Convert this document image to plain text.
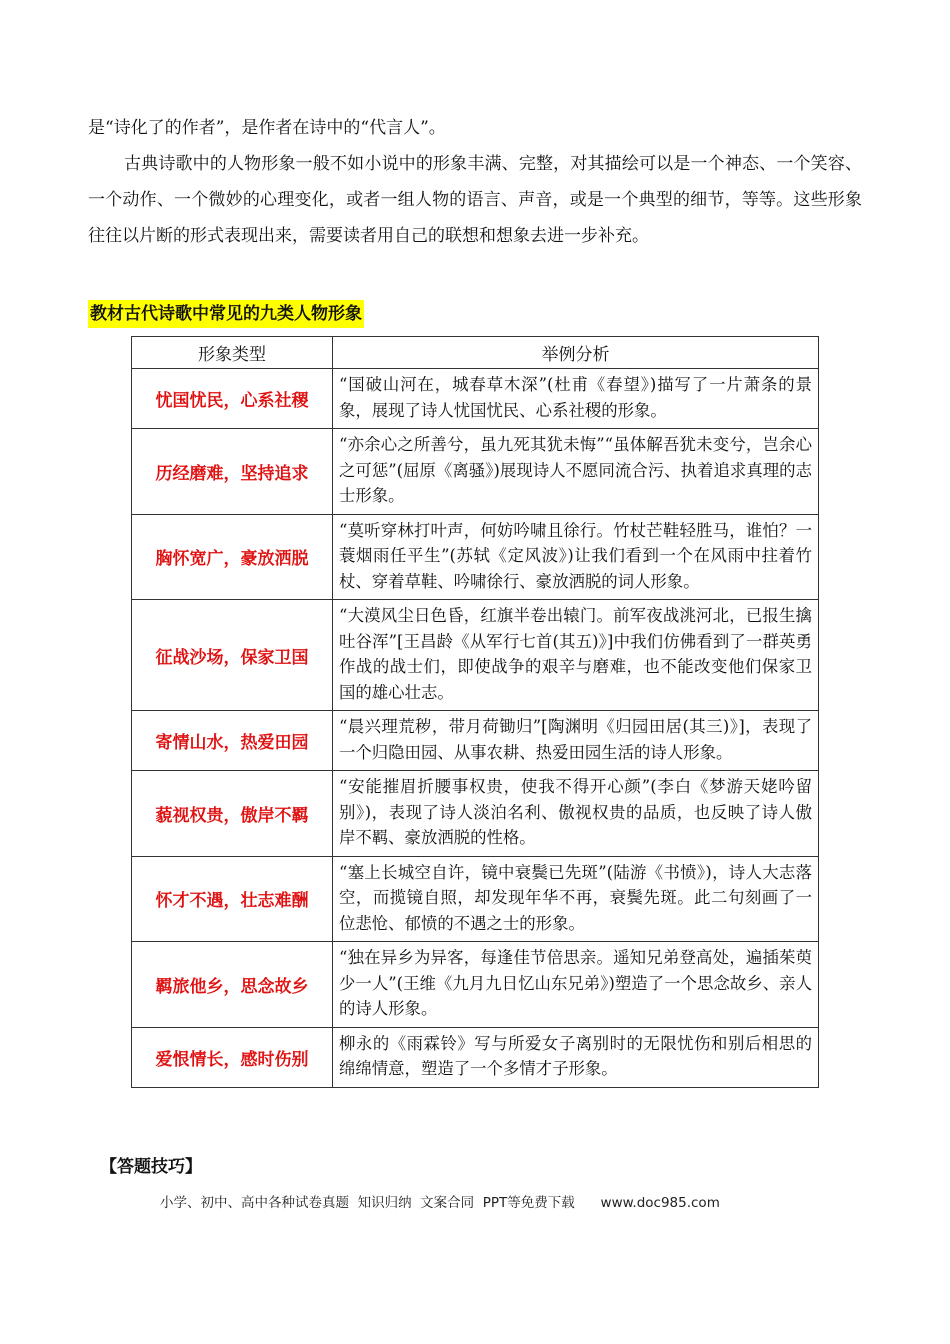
是“诗化了的作者”，是作者在诗中的“代言人”。

古典诗歌中的人物形象一般不如小说中的形象丰满、完整，对其描绘可以是一个神态、一个笑容、一个动作、一个微妙的心理变化，或者一组人物的语言、声音，或是一个典型的细节，等等。这些形象往往以片断的形式表现出来，需要读者用自己的联想和想象去进一步补充。

教材古代诗歌中常见的九类人物形象
形象类型	举例分析
忧国忧民，心系社稷	“国破山河在，城春草木深”(杜甫《春望》)描写了一片萧条的景象，展现了诗人忧国忧民、心系社稷的形象。
历经磨难，坚持追求	“亦余心之所善兮，虽九死其犹未悔”“虽体解吾犹未变兮，岂余心之可惩”(屈原《离骚》)展现诗人不愿同流合污、执着追求真理的志士形象。
胸怀宽广，豪放洒脱	“莫听穿林打叶声，何妨吟啸且徐行。竹杖芒鞋轻胜马，谁怕？一蓑烟雨任平生”(苏轼《定风波》)让我们看到一个在风雨中拄着竹杖、穿着草鞋、吟啸徐行、豪放洒脱的词人形象。
征战沙场，保家卫国	“大漠风尘日色昏，红旗半卷出辕门。前军夜战洮河北，已报生擒吐谷浑”[王昌龄《从军行七首(其五)》]中我们仿佛看到了一群英勇作战的战士们，即使战争的艰辛与磨难，也不能改变他们保家卫国的雄心壮志。
寄情山水，热爱田园	“晨兴理荒秽，带月荷锄归”[陶渊明《归园田居(其三)》]，表现了一个归隐田园、从事农耕、热爱田园生活的诗人形象。
藐视权贵，傲岸不羁	“安能摧眉折腰事权贵，使我不得开心颜”(李白《梦游天姥吟留别》)，表现了诗人淡泊名利、傲视权贵的品质，也反映了诗人傲岸不羁、豪放洒脱的性格。
怀才不遇，壮志难酬	“塞上长城空自许，镜中衰鬓已先斑”(陆游《书愤》)，诗人大志落空，而揽镜自照，却发现年华不再，衰鬓先斑。此二句刻画了一位悲怆、郁愤的不遇之士的形象。
羁旅他乡，思念故乡	“独在异乡为异客，每逢佳节倍思亲。遥知兄弟登高处，遍插茱萸少一人”(王维《九月九日忆山东兄弟》)塑造了一个思念故乡、亲人的诗人形象。
爱恨情长，感时伤别	柳永的《雨霖铃》写与所爱女子离别时的无限忧伤和别后相思的绵绵情意，塑造了一个多情才子形象。
【答题技巧】
小学、初中、高中各种试卷真题  知识归纳  文案合同  PPT等免费下载      www.doc985.com
